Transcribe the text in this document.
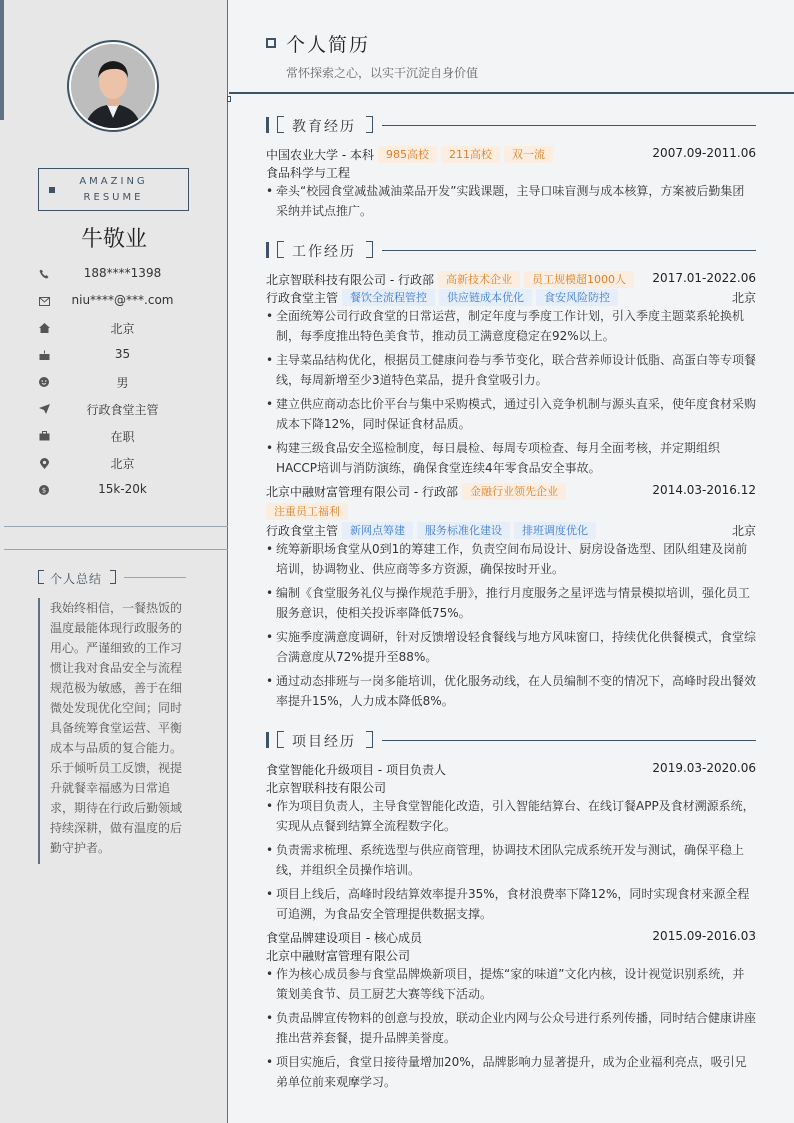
AMAZING
RESUME
牛敬业
188****1398
niu****@***.com
北京
35
男
行政食堂主管
在职
北京
$	15k-20k
个人总结
我始终相信，一餐热饭的温度最能体现行政服务的用心。严谨细致的工作习惯让我对食品安全与流程规范极为敏感，善于在细微处发现优化空间；同时具备统筹食堂运营、平衡成本与品质的复合能力。乐于倾听员工反馈，视提升就餐幸福感为日常追求，期待在行政后勤领域持续深耕，做有温度的后勤守护者。
个人简历
常怀探索之心，以实干沉淀自身价值
教育经历
中国农业大学 - 本科 985高校 211高校 双一流	2007.09-2011.06
食品科学与工程
• 牵头“校园食堂减盐减油菜品开发”实践课题，主导口味盲测与成本核算，方案被后勤集团采纳并试点推广。
工作经历
北京智联科技有限公司 - 行政部 高新技术企业 员工规模超1000人 2017.01-2022.06
行政食堂主管 餐饮全流程管控 供应链成本优化 食安风险防控	北京
• 全面统筹公司行政食堂的日常运营，制定年度与季度工作计划，引入季度主题菜系轮换机制，每季度推出特色美食节，推动员工满意度稳定在92%以上。
• 主导菜品结构优化，根据员工健康问卷与季节变化，联合营养师设计低脂、高蛋白等专项餐线，每周新增至少3道特色菜品，提升食堂吸引力。
• 建立供应商动态比价平台与集中采购模式，通过引入竞争机制与源头直采，使年度食材采购成本下降12%，同时保证食材品质。
• 构建三级食品安全巡检制度，每日晨检、每周专项检查、每月全面考核，并定期组织HACCP培训与消防演练，确保食堂连续4年零食品安全事故。
北京中融财富管理有限公司 - 行政部 金融行业领先企业	2014.03-2016.12
注重员工福利
行政食堂主管 新网点筹建 服务标准化建设 排班调度优化	北京
• 统筹新职场食堂从0到1的筹建工作，负责空间布局设计、厨房设备选型、团队组建及岗前培训，协调物业、供应商等多方资源，确保按时开业。
• 编制《食堂服务礼仪与操作规范手册》，推行月度服务之星评选与情景模拟培训，强化员工服务意识，使相关投诉率降低75%。
• 实施季度满意度调研，针对反馈增设轻食餐线与地方风味窗口，持续优化供餐模式，食堂综合满意度从72%提升至88%。
• 通过动态排班与一岗多能培训，优化服务动线，在人员编制不变的情况下，高峰时段出餐效率提升15%，人力成本降低8%。
项目经历
食堂智能化升级项目 - 项目负责人	2019.03-2020.06
北京智联科技有限公司
• 作为项目负责人，主导食堂智能化改造，引入智能结算台、在线订餐APP及食材溯源系统，实现从点餐到结算全流程数字化。
• 负责需求梳理、系统选型与供应商管理，协调技术团队完成系统开发与测试，确保平稳上线，并组织全员操作培训。
• 项目上线后，高峰时段结算效率提升35%，食材浪费率下降12%，同时实现食材来源全程可追溯，为食品安全管理提供数据支撑。
食堂品牌建设项目 - 核心成员	2015.09-2016.03
北京中融财富管理有限公司
• 作为核心成员参与食堂品牌焕新项目，提炼“家的味道”文化内核，设计视觉识别系统，并策划美食节、员工厨艺大赛等线下活动。
• 负责品牌宣传物料的创意与投放，联动企业内网与公众号进行系列传播，同时结合健康讲座推出营养套餐，提升品牌美誉度。
• 项目实施后，食堂日接待量增加20%，品牌影响力显著提升，成为企业福利亮点，吸引兄弟单位前来观摩学习。
